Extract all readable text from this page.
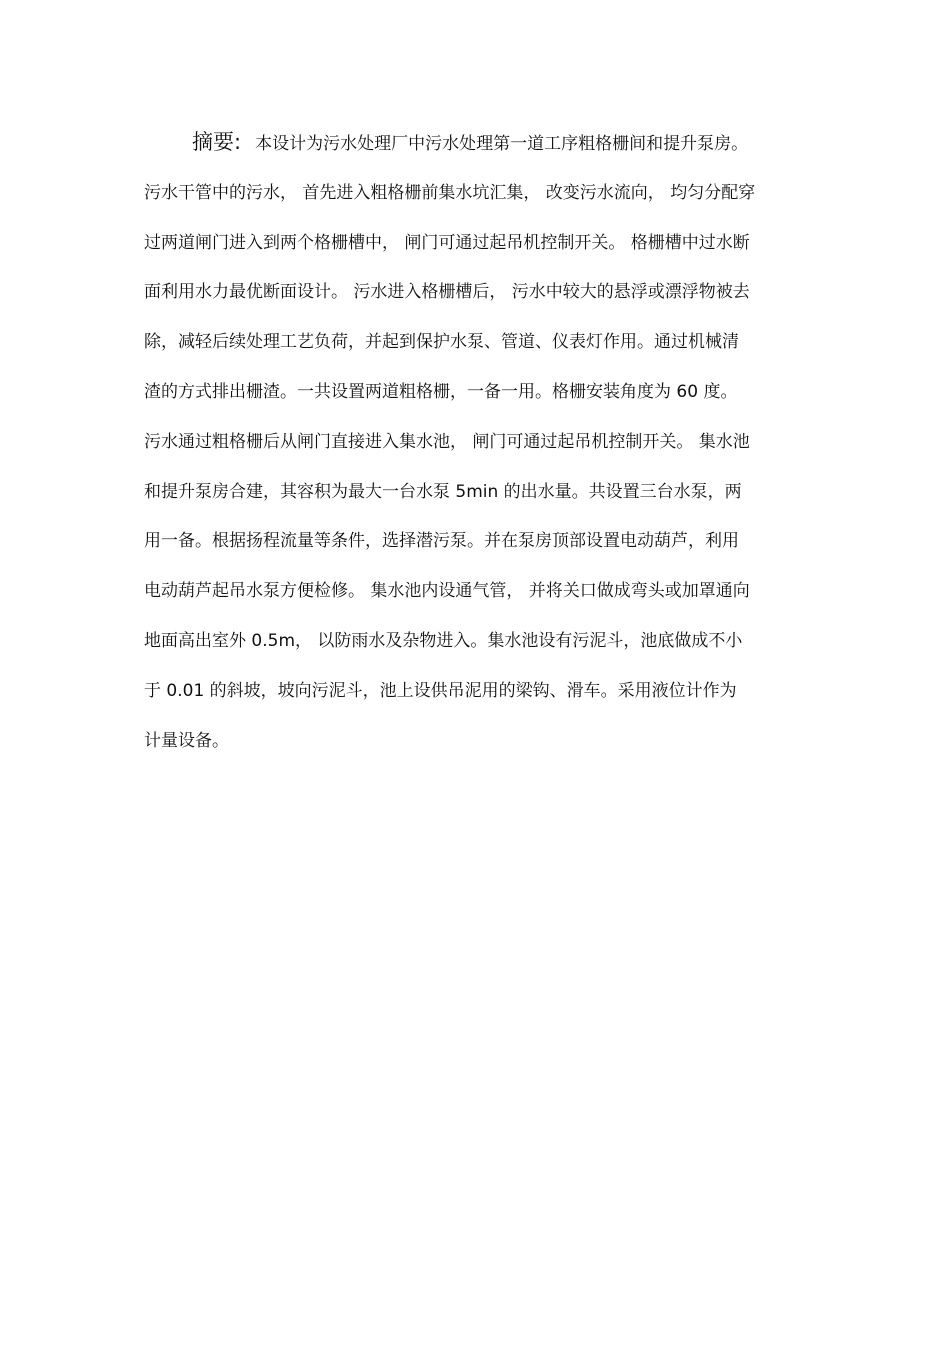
摘要: 本设计为污水处理厂中污水处理第一道工序粗格栅间和提升泵房。
污水干管中的污水， 首先进入粗格栅前集水坑汇集， 改变污水流向， 均匀分配穿
过两道闸门进入到两个格栅槽中， 闸门可通过起吊机控制开关。 格栅槽中过水断
面利用水力最优断面设计。 污水进入格栅槽后， 污水中较大的悬浮或漂浮物被去
除，减轻后续处理工艺负荷，并起到保护水泵、管道、仪表灯作用。通过机械清
渣的方式排出栅渣。一共设置两道粗格栅，一备一用。格栅安装角度为 60 度。
污水通过粗格栅后从闸门直接进入集水池， 闸门可通过起吊机控制开关。 集水池
和提升泵房合建，其容积为最大一台水泵 5min 的出水量。共设置三台水泵，两
用一备。根据扬程流量等条件，选择潜污泵。并在泵房顶部设置电动葫芦，利用
电动葫芦起吊水泵方便检修。 集水池内设通气管， 并将关口做成弯头或加罩通向
地面高出室外 0.5m， 以防雨水及杂物进入。集水池设有污泥斗，池底做成不小
于 0.01 的斜坡，坡向污泥斗，池上设供吊泥用的梁钩、滑车。采用液位计作为
计量设备。
